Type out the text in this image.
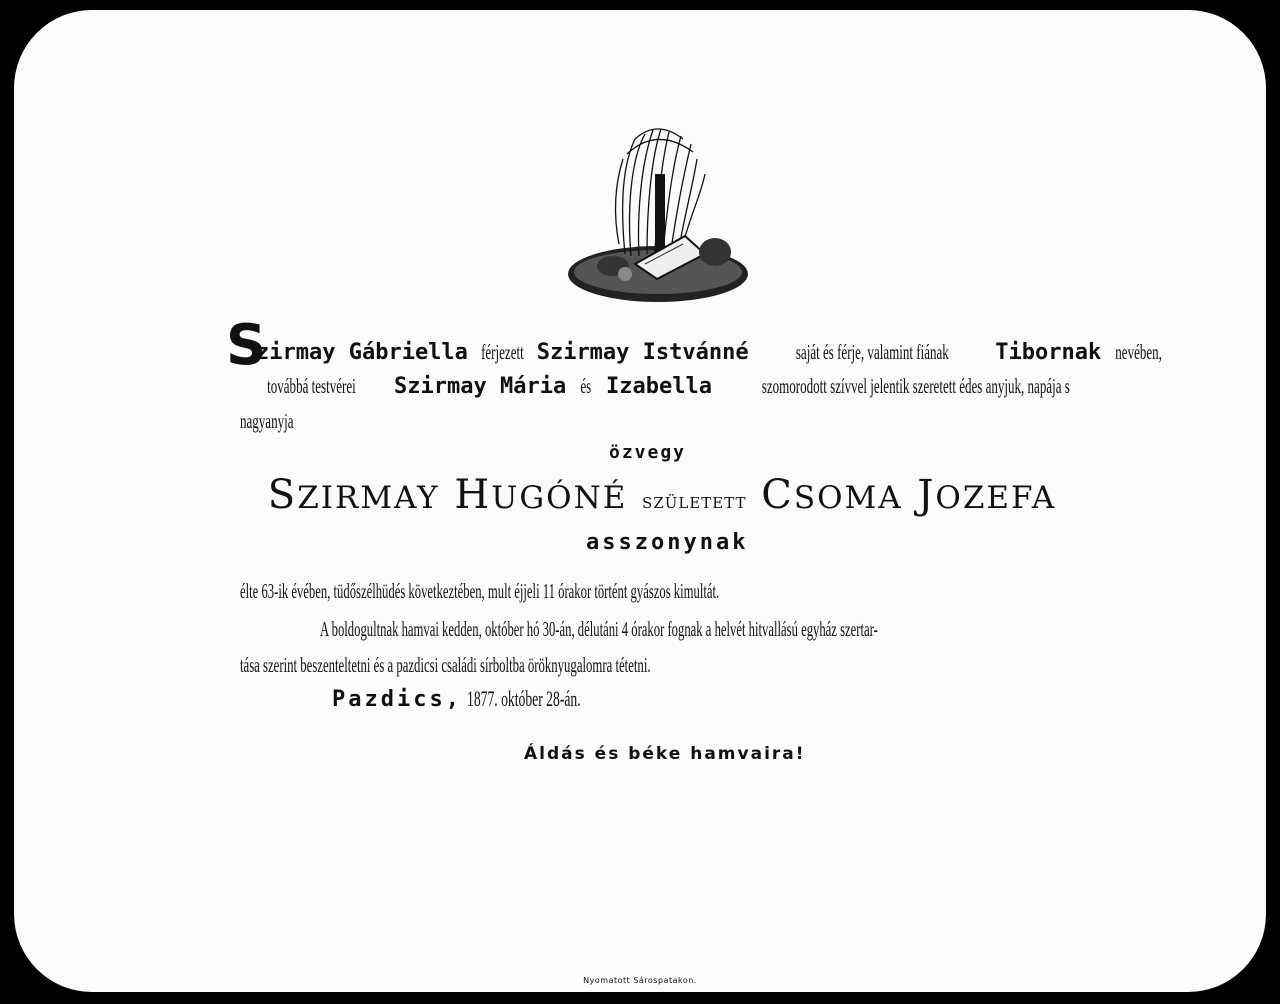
S
zirmay Gábriella férjezett Szirmay Istvánné saját és férje, valamint fiának Tibornak nevében,
továbbá testvérei Szirmay Mária és Izabella szomorodott szívvel jelentik szeretett édes anyjuk, napája s
nagyanyja
özvegy
SZIRMAY HUGÓNÉ SZÜLETETT CSOMA JOZEFA
asszonynak
élte 63-ik évében, tüdőszélhüdés következtében, mult éjjeli 11 órakor történt gyászos kimultát.
A boldogultnak hamvai kedden, október hó 30-án, délutáni 4 órakor fognak a helvét hitvallású egyház szertar-
tása szerint beszenteltetni és a pazdicsi családi sírboltba öröknyugalomra tétetni.
Pazdics, 1877. október 28-án.
Áldás és béke hamvaira!
Nyomatott Sárospatakon.
